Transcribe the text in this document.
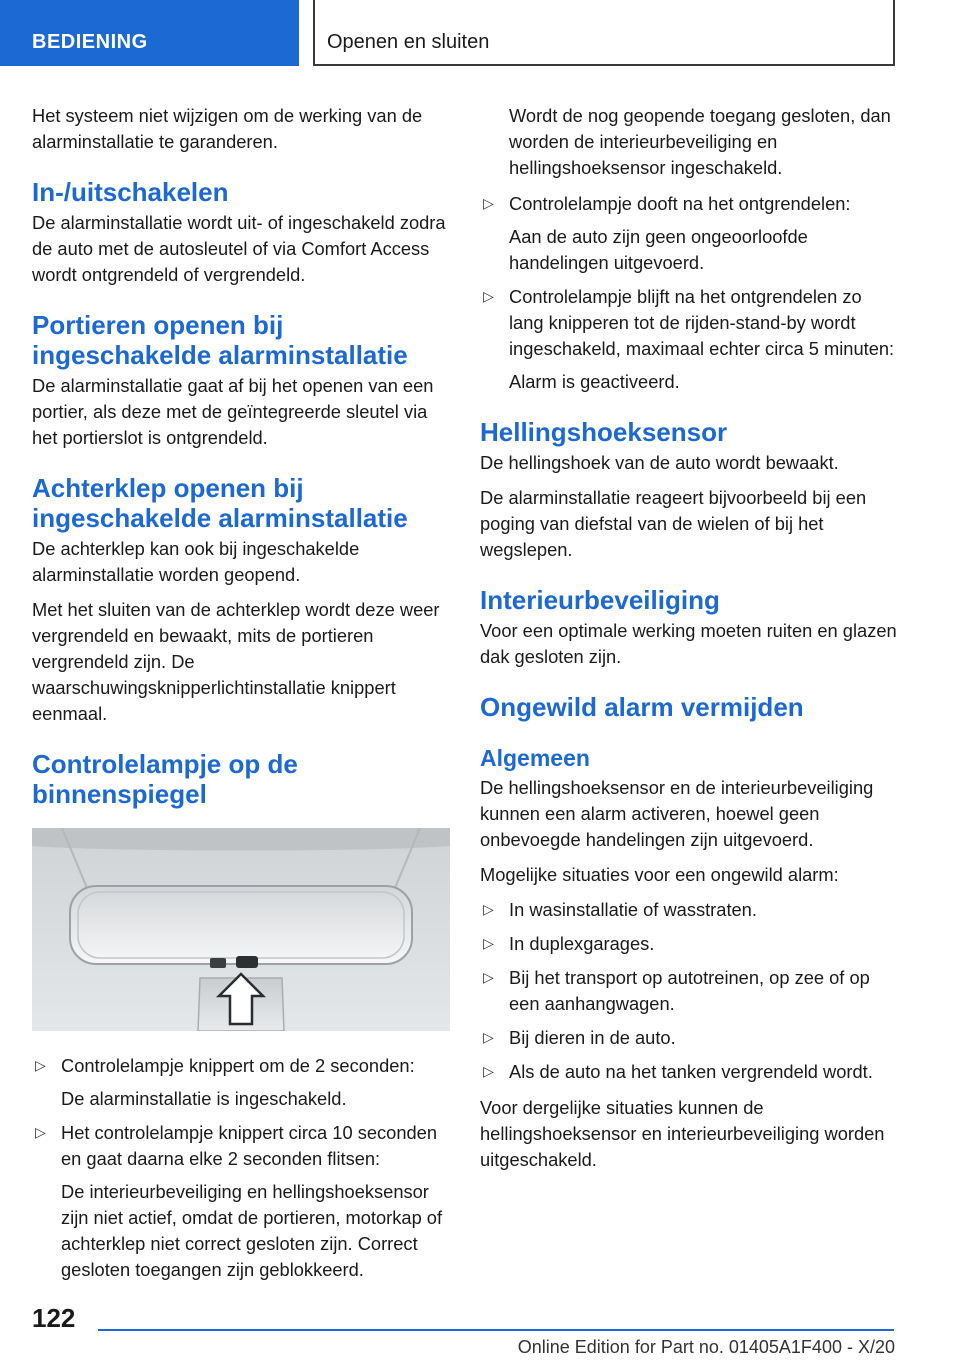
BEDIENING	Openen en sluiten

Het systeem niet wijzigen om de werking van de alarminstallatie te garanderen.

In-/uitschakelen

De alarminstallatie wordt uit- of ingeschakeld zodra de auto met de autosleutel of via Comfort Access wordt ontgrendeld of vergrendeld.

Portieren openen bij ingeschakelde alarminstallatie

De alarminstallatie gaat af bij het openen van een portier, als deze met de geïntegreerde sleutel via het portierslot is ontgrendeld.

Achterklep openen bij ingeschakelde alarminstallatie

De achterklep kan ook bij ingeschakelde alarminstallatie worden geopend.

Met het sluiten van de achterklep wordt deze weer vergrendeld en bewaakt, mits de portieren vergrendeld zijn. De waarschuwingsknipperlichtinstallatie knippert eenmaal.

Controlelampje op de binnenspiegel
▷ Controlelampje knippert om de 2 seconden:
De alarminstallatie is ingeschakeld.
▷ Het controlelampje knippert circa 10 seconden en gaat daarna elke 2 seconden flitsen:
De interieurbeveiliging en hellingshoeksensor zijn niet actief, omdat de portieren, motorkap of achterklep niet correct gesloten zijn. Correct gesloten toegangen zijn geblokkeerd.
Wordt de nog geopende toegang gesloten, dan worden de interieurbeveiliging en hellingshoeksensor ingeschakeld.
▷ Controlelampje dooft na het ontgrendelen:
Aan de auto zijn geen ongeoorloofde handelingen uitgevoerd.
▷ Controlelampje blijft na het ontgrendelen zo lang knipperen tot de rijden-stand-by wordt ingeschakeld, maximaal echter circa 5 minuten:
Alarm is geactiveerd.
Hellingshoeksensor

De hellingshoek van de auto wordt bewaakt.

De alarminstallatie reageert bijvoorbeeld bij een poging van diefstal van de wielen of bij het wegslepen.

Interieurbeveiliging

Voor een optimale werking moeten ruiten en glazen dak gesloten zijn.

Ongewild alarm vermijden
Algemeen

De hellingshoeksensor en de interieurbeveiliging kunnen een alarm activeren, hoewel geen onbevoegde handelingen zijn uitgevoerd.

Mogelijke situaties voor een ongewild alarm:

▷ In wasinstallatie of wasstraten.
▷ In duplexgarages.
▷ Bij het transport op autotreinen, op zee of op een aanhangwagen.
▷ Bij dieren in de auto.
▷ Als de auto na het tanken vergrendeld wordt.

Voor dergelijke situaties kunnen de hellingshoeksensor en interieurbeveiliging worden uitgeschakeld.

122
Online Edition for Part no. 01405A1F400 - X/20
